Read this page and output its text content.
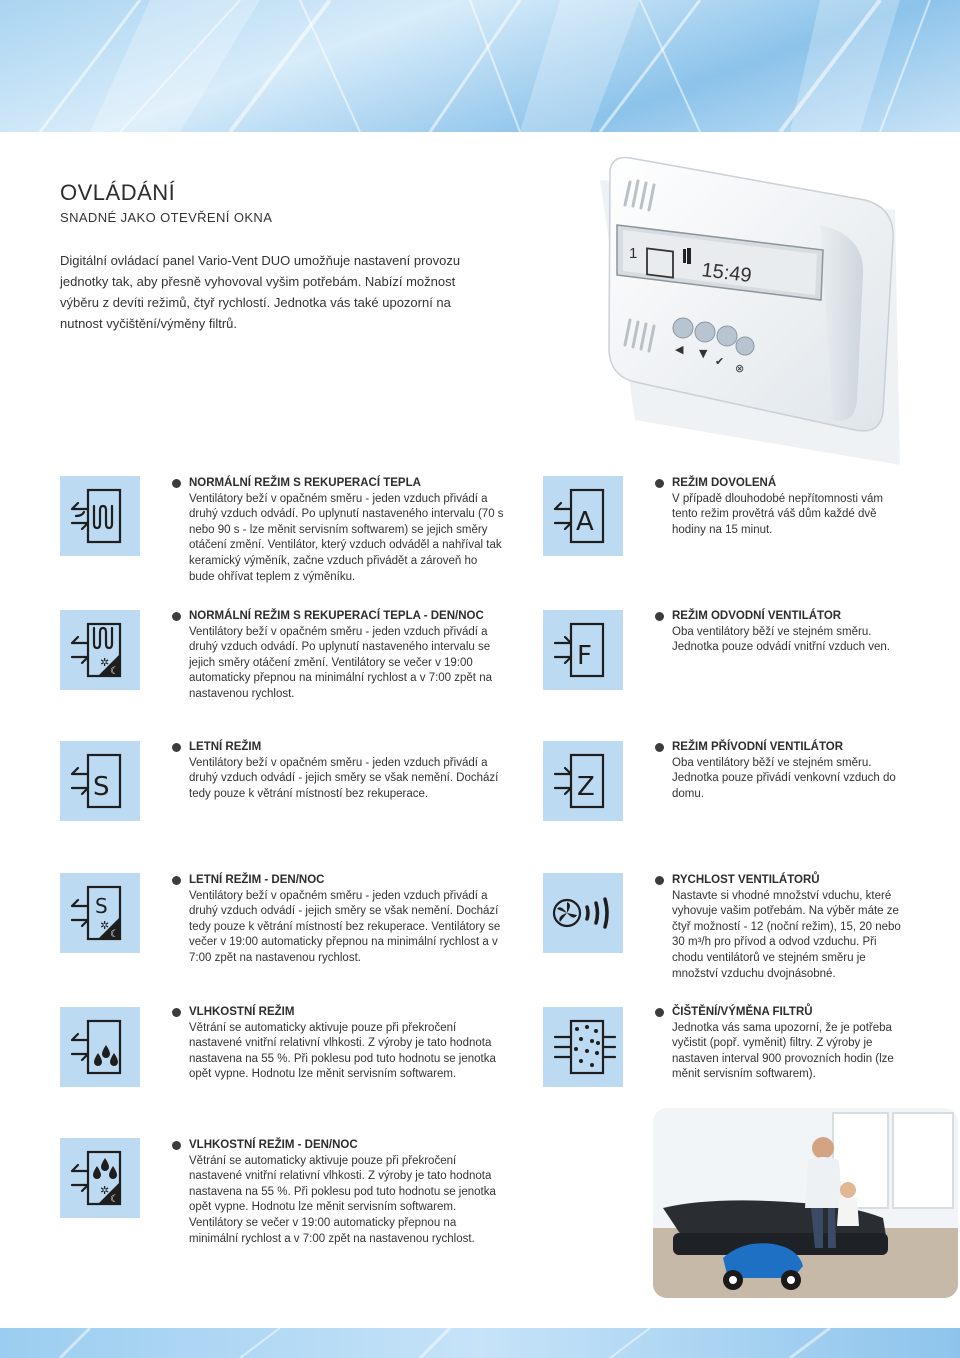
OVLÁDÁNÍ
SNADNÉ JAKO OTEVŘENÍ OKNA
Digitální ovládací panel Vario-Vent DUO umožňuje nastavení provozu jednotky tak, aby přesně vyhovoval vyšim potřebám. Nabízí možnost výběru z devíti režimů, čtyř rychlostí. Jednotka vás také upozorní na nutnost vyčištění/výměny filtrů.
1
15:49
◀ ▼
✔
⊗
✲
☾
S
S
✲
☾
✲
☾
A
F
Z
NORMÁLNÍ REŽIM S REKUPERACÍ TEPLA
Ventilátory beží v opačném směru - jeden vzduch přivádí a druhý vzduch odvádí. Po uplynutí nastaveného intervalu (70 s nebo 90 s - lze měnit servisním softwarem) se jejich směry otáčení změní. Ventilátor, který vzduch odváděl a nahříval tak keramický výměník, začne vzduch přivádět a zároveň ho bude ohřívat teplem z výměníku.
REŽIM DOVOLENÁ
V případě dlouhodobé nepřítomnosti vám tento režim provětrá váš dům každé dvě hodiny na 15 minut.
NORMÁLNÍ REŽIM S REKUPERACÍ TEPLA - DEN/NOC
Ventilátory beží v opačném směru - jeden vzduch přivádí a druhý vzduch odvádí. Po uplynutí nastaveného intervalu se jejich směry otáčení změní. Ventilátory se večer v 19:00 automaticky přepnou na minimální rychlost a v 7:00 zpět na nastavenou rychlost.
REŽIM ODVODNÍ VENTILÁTOR
Oba ventilátory běží ve stejném směru. Jednotka pouze odvádí vnitřní vzduch ven.
LETNÍ REŽIM
Ventilátory beží v opačném směru - jeden vzduch přivádí a druhý vzduch odvádí - jejich směry se však nemění. Dochází tedy pouze k větrání místností bez rekuperace.
REŽIM PŘÍVODNÍ VENTILÁTOR
Oba ventilátory běží ve stejném směru. Jednotka pouze přivádí venkovní vzduch do domu.
LETNÍ REŽIM - DEN/NOC
Ventilátory beží v opačném směru - jeden vzduch přivádí a druhý vzduch odvádí - jejich směry se však nemění. Dochází tedy pouze k větrání místností bez rekuperace. Ventilátory se večer v 19:00 automaticky přepnou na minimální rychlost a v 7:00 zpět na nastavenou rychlost.
RYCHLOST VENTILÁTORŮ
Nastavte si vhodné množství vduchu, které vyhovuje vašim potřebám. Na výběr máte ze čtyř možností - 12 (noční režim), 15, 20 nebo 30 m³/h pro přívod a odvod vzduchu. Při chodu ventilátorů ve stejném směru je množství vzduchu dvojnásobné.
VLHKOSTNÍ REŽIM
Větrání se automaticky aktivuje pouze při překročení nastavené vnitřní relativní vlhkosti. Z výroby je tato hodnota nastavena na 55 %. Při poklesu pod tuto hodnotu se jenotka opět vypne. Hodnotu lze měnit servisním softwarem.
ČIŠTĚNÍ/VÝMĚNA FILTRŮ
Jednotka vás sama upozorní, že je potřeba vyčistit (popř. vyměnit) filtry. Z výroby je nastaven interval 900 provozních hodin (lze měnit servisním softwarem).
VLHKOSTNÍ REŽIM - DEN/NOC
Větrání se automaticky aktivuje pouze při překročení nastavené vnitřní relativní vlhkosti. Z výroby je tato hodnota nastavena na 55 %. Při poklesu pod tuto hodnotu se jenotka opět vypne. Hodnotu lze měnit servisním softwarem. Ventilátory se večer v 19:00 automaticky přepnou na minimální rychlost a v 7:00 zpět na nastavenou rychlost.
